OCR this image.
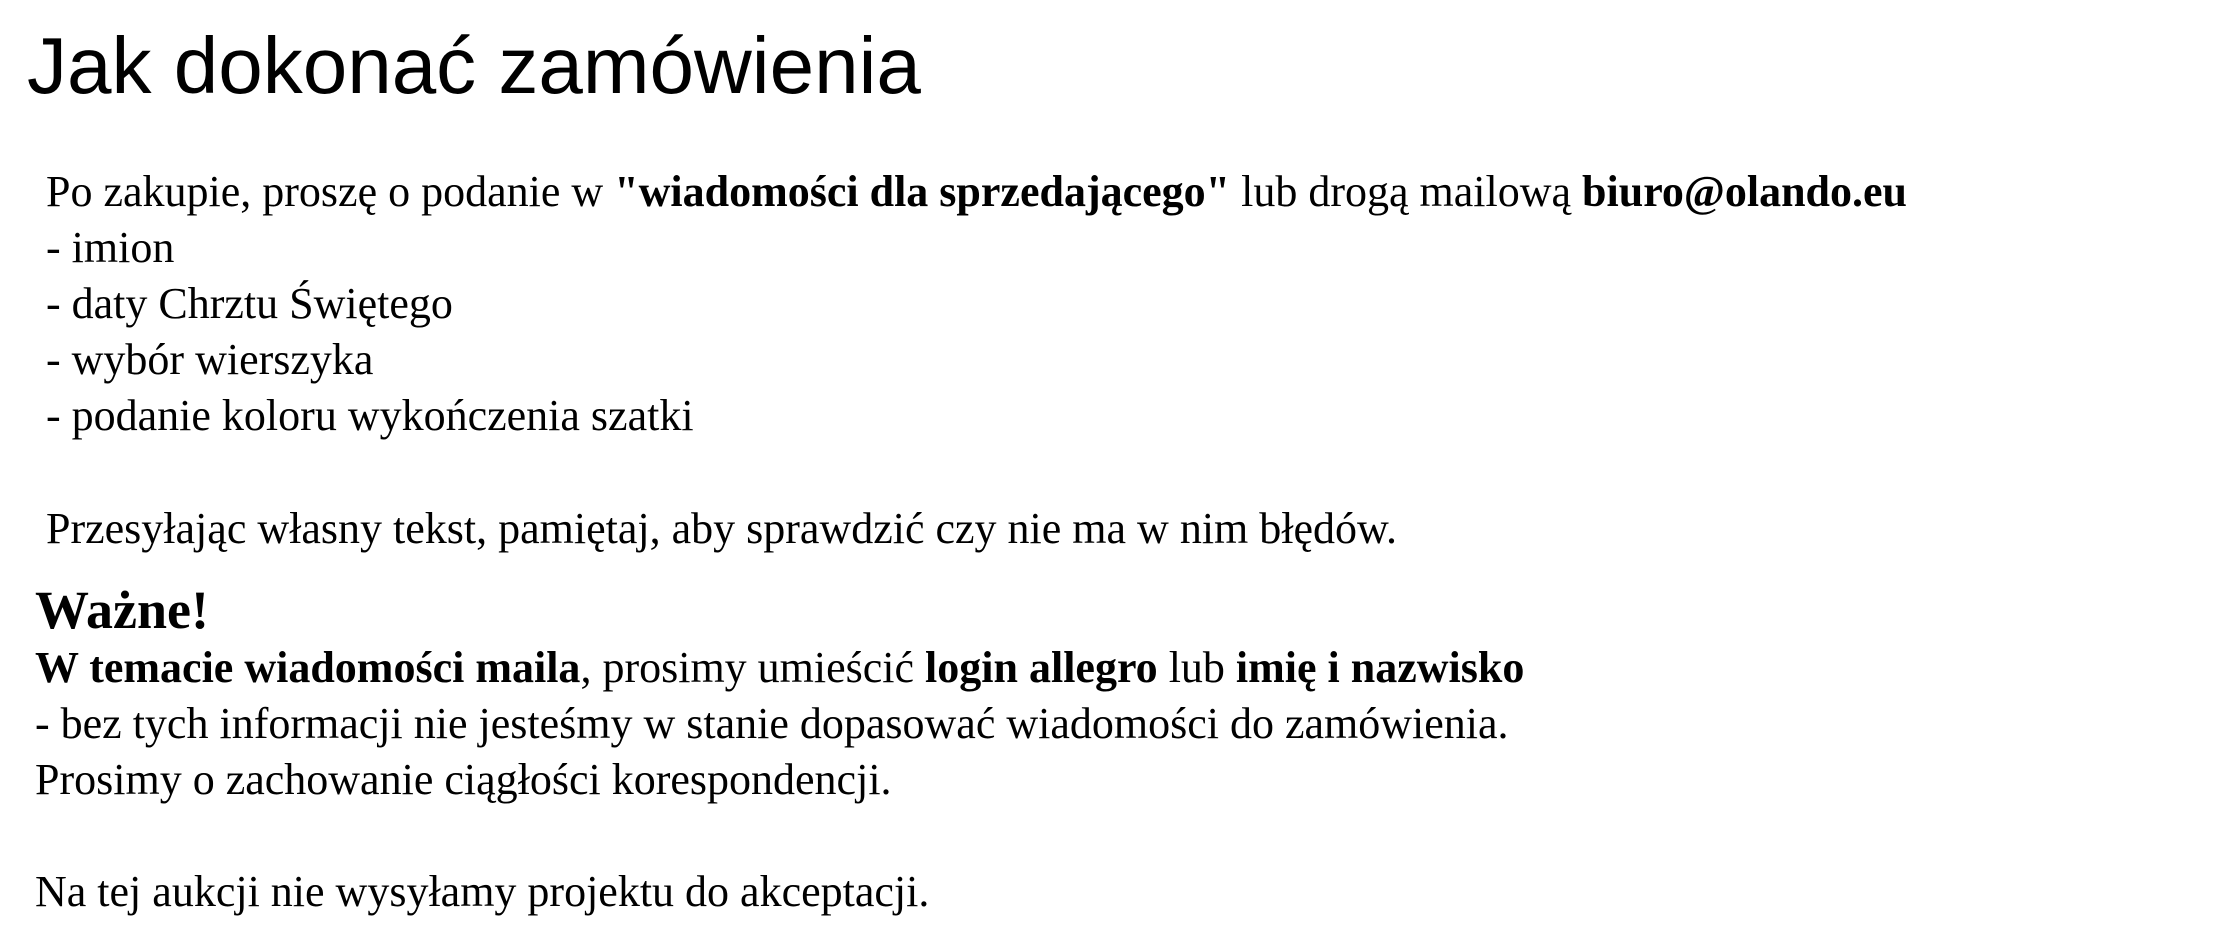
Jak dokonać zamówienia
Po zakupie, proszę o podanie w "wiadomości dla sprzedającego" lub drogą mailową biuro@olando.eu
- imion
- daty Chrztu Świętego
- wybór wierszyka
- podanie koloru wykończenia szatki
Przesyłając własny tekst, pamiętaj, aby sprawdzić czy nie ma w nim błędów.
Ważne!
W temacie wiadomości maila, prosimy umieścić login allegro lub imię i nazwisko
- bez tych informacji nie jesteśmy w stanie dopasować wiadomości do zamówienia.
Prosimy o zachowanie ciągłości korespondencji.
Na tej aukcji nie wysyłamy projektu do akceptacji.
